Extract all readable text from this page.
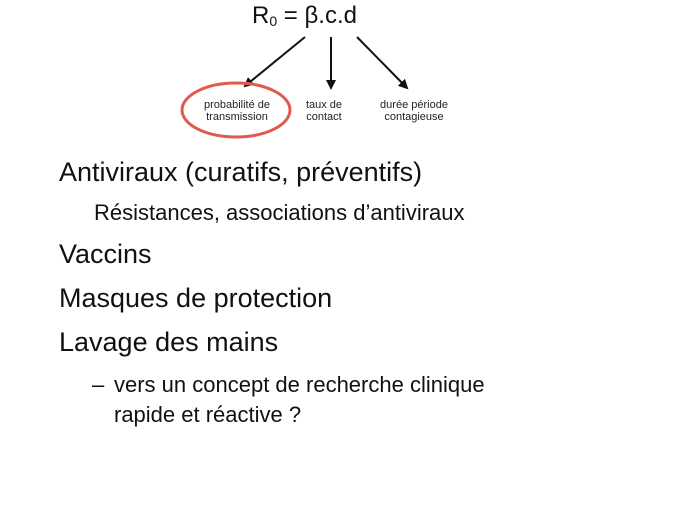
$R_0 = \beta.c.d$
probabilité de
transmission
taux de
contact
durée période
contagieuse
Antiviraux (curatifs, préventifs)
Résistances, associations d’antiviraux
Vaccins
Masques de protection
Lavage des mains
– vers un concept de recherche clinique
rapide et réactive ?
